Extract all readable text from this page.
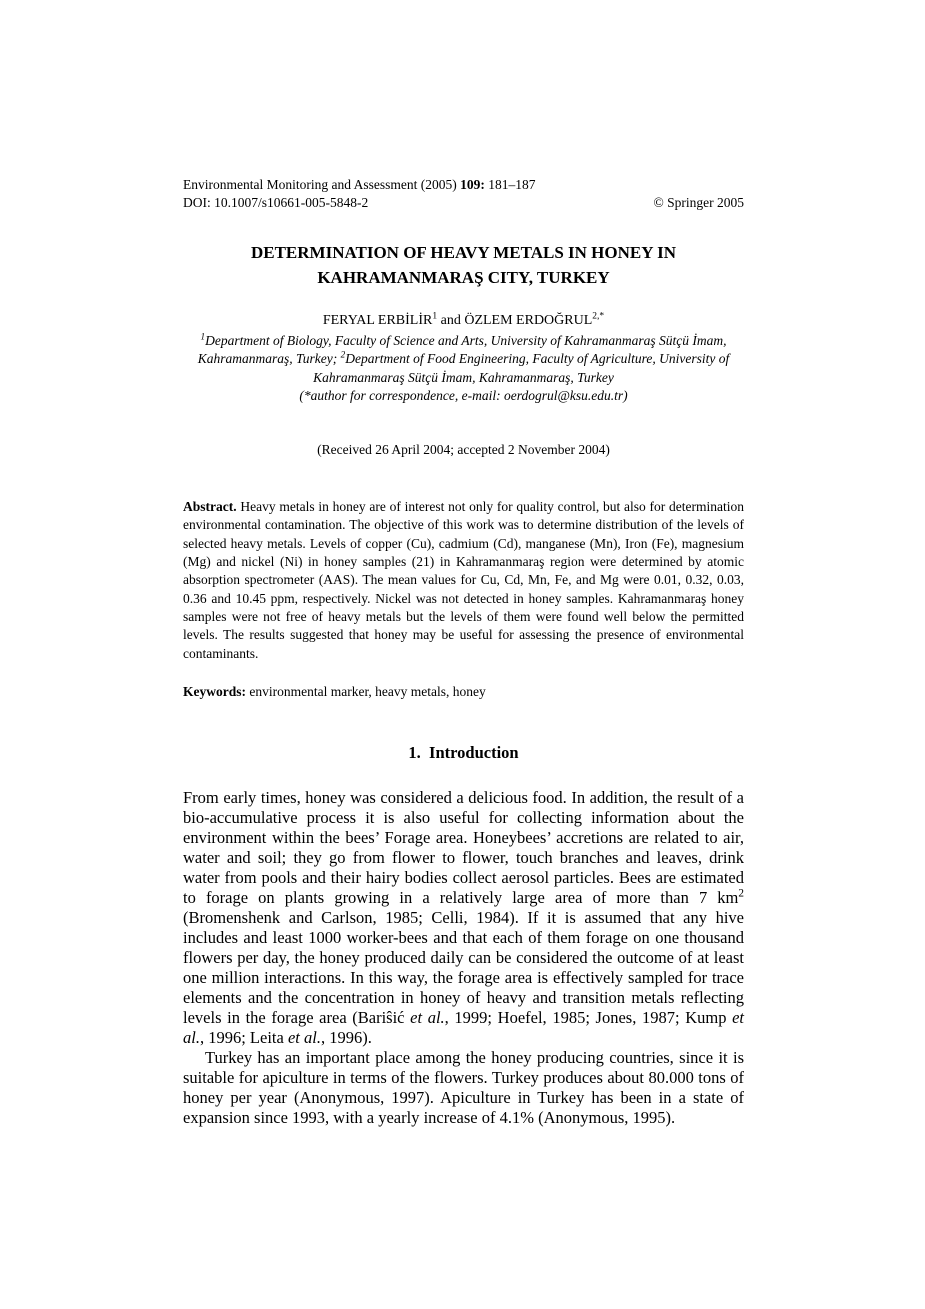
Environmental Monitoring and Assessment (2005) 109: 181–187
DOI: 10.1007/s10661-005-5848-2	© Springer 2005
DETERMINATION OF HEAVY METALS IN HONEY IN
KAHRAMANMARAŞ CITY, TURKEY
FERYAL ERBİLİR$^1$ and ÖZLEM $ERDOĞRUL^{2,*}$
$^1$Department of Biology, Faculty of Science and Arts, University of Kahramanmaraş Sütçü İmam, Kahramanmaraş, Turkey; $^2$Department of Food Engineering, Faculty of Agriculture, University of Kahramanmaraş Sütçü İmam, Kahramanmaraş, Turkey
(*author for correspondence, e-mail: oerdogrul@ksu.edu.tr)
(Received 26 April 2004; accepted 2 November 2004)
Abstract. Heavy metals in honey are of interest not only for quality control, but also for determination environmental contamination. The objective of this work was to determine distribution of the levels of selected heavy metals. Levels of copper (Cu), cadmium (Cd), manganese (Mn), Iron (Fe), magnesium (Mg) and nickel (Ni) in honey samples (21) in Kahramanmaraş region were determined by atomic absorption spectrometer (AAS). The mean values for Cu, Cd, Mn, Fe, and Mg were 0.01, 0.32, 0.03, 0.36 and 10.45 ppm, respectively. Nickel was not detected in honey samples. Kahramanmaraş honey samples were not free of heavy metals but the levels of them were found well below the permitted levels. The results suggested that honey may be useful for assessing the presence of environmental contaminants.
Keywords: environmental marker, heavy metals, honey
1. Introduction
From early times, honey was considered a delicious food. In addition, the result of a bio-accumulative process it is also useful for collecting information about the environment within the bees’ Forage area. Honeybees’ accretions are related to air, water and soil; they go from flower to flower, touch branches and leaves, drink water from pools and their hairy bodies collect aerosol particles. Bees are estimated to forage on plants growing in a relatively large area of more than 7 $km^2$ (Bromenshenk and Carlson, 1985; Celli, 1984). If it is assumed that any hive includes and least 1000 worker-bees and that each of them forage on one thousand flowers per day, the honey produced daily can be considered the outcome of at least one million interactions. In this way, the forage area is effectively sampled for trace elements and the concentration in honey of heavy and transition metals reflecting levels in the forage area (Bariŝić et al., 1999; Hoefel, 1985; Jones, 1987; Kump et al., 1996; Leita et al., 1996).
Turkey has an important place among the honey producing countries, since it is suitable for apiculture in terms of the flowers. Turkey produces about 80.000 tons of honey per year (Anonymous, 1997). Apiculture in Turkey has been in a state of expansion since 1993, with a yearly increase of 4.1% (Anonymous, 1995).
